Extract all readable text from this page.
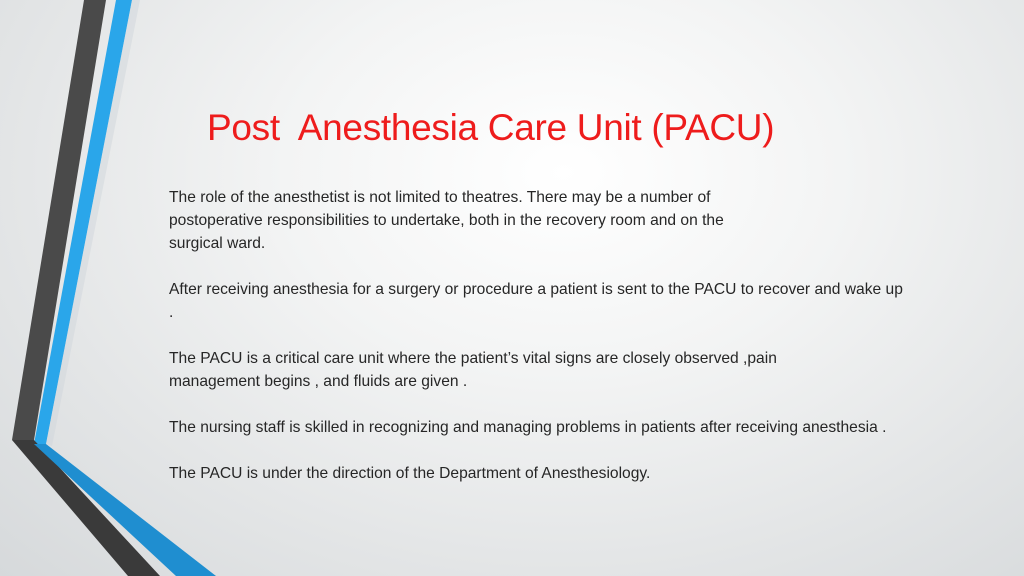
Post  Anesthesia Care Unit (PACU)

The role of the anesthetist is not limited to theatres. There may be a number of postoperative responsibilities to undertake, both in the recovery room and on the surgical ward.

After receiving anesthesia for a surgery or procedure a patient is sent to the PACU to recover and wake up .

The PACU is a critical care unit where the patient’s vital signs are closely observed ,pain management begins , and fluids are given .

The nursing staff is skilled in recognizing and managing problems in patients after receiving anesthesia .

The PACU is under the direction of the Department of Anesthesiology.
